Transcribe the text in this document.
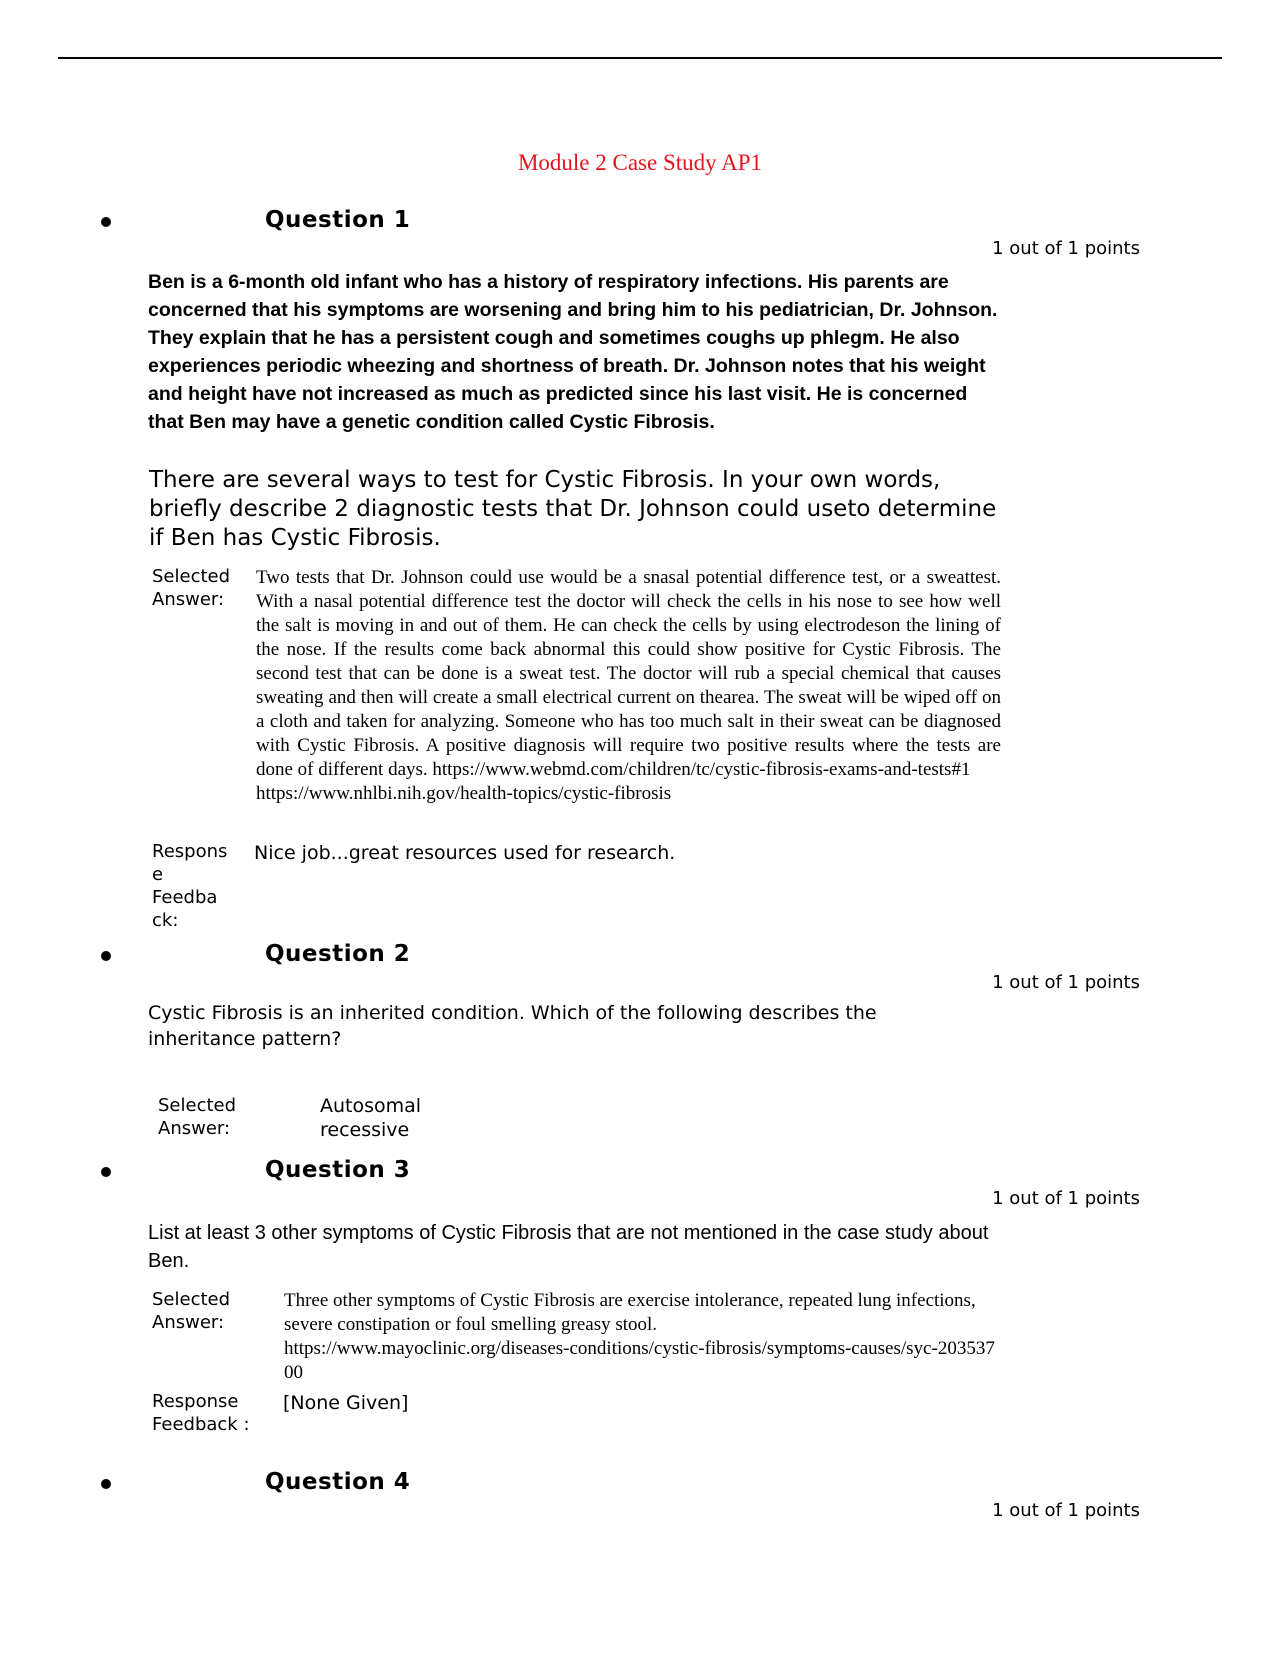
Module 2 Case Study AP1
Question 1
1 out of 1 points
Ben is a 6-month old infant who has a history of respiratory infections. His parents are concerned that his symptoms are worsening and bring him to his pediatrician, Dr. Johnson. They explain that he has a persistent cough and sometimes coughs up phlegm. He also experiences periodic wheezing and shortness of breath. Dr. Johnson notes that his weight and height have not increased as much as predicted since his last visit. He is concerned that Ben may have a genetic condition called Cystic Fibrosis.
There are several ways to test for Cystic Fibrosis. In your own words, briefly describe 2 diagnostic tests that Dr. Johnson could useto determine if Ben has Cystic Fibrosis.
Selected Answer:
Two tests that Dr. Johnson could use would be a snasal potential difference test, or a sweattest. With a nasal potential difference test the doctor will check the cells in his nose to see how well the salt is moving in and out of them. He can check the cells by using electrodeson the lining of the nose. If the results come back abnormal this could show positive for Cystic Fibrosis. The second test that can be done is a sweat test. The doctor will rub a special chemical that causes sweating and then will create a small electrical current on thearea. The sweat will be wiped off on a cloth and taken for analyzing. Someone who has too much salt in their sweat can be diagnosed with Cystic Fibrosis. A positive diagnosis will require two positive results where the tests are done of different days. https://www.webmd.com/children/tc/cystic-fibrosis-exams-and-tests#1
https://www.nhlbi.nih.gov/health-topics/cystic-fibrosis
Respons e Feedba ck:
Nice job...great resources used for research.
Question 2
1 out of 1 points
Cystic Fibrosis is an inherited condition. Which of the following describes the inheritance pattern?
Selected Answer:
Autosomal recessive
Question 3
1 out of 1 points
List at least 3 other symptoms of Cystic Fibrosis that are not mentioned in the case study about Ben.
Selected Answer:
Three other symptoms of Cystic Fibrosis are exercise intolerance, repeated lung infections, severe constipation or foul smelling greasy stool.
https://www.mayoclinic.org/diseases-conditions/cystic-fibrosis/symptoms-causes/syc-20353700
Response Feedback :
[None Given]
Question 4
1 out of 1 points
